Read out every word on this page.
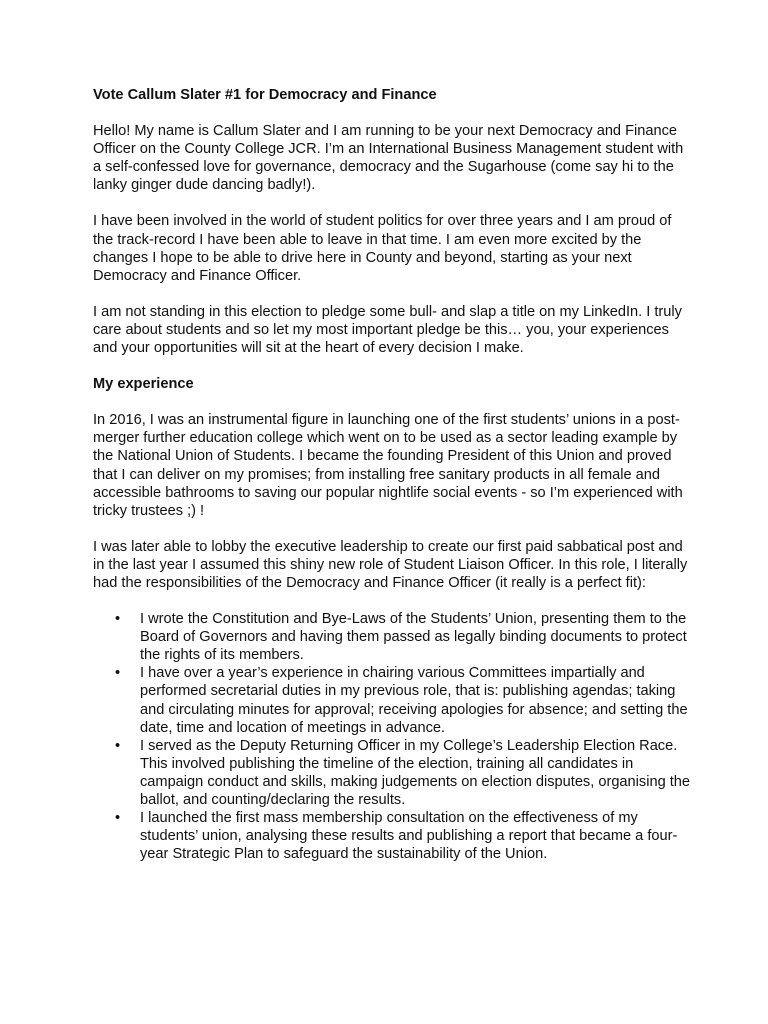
Vote Callum Slater #1 for Democracy and Finance

Hello! My name is Callum Slater and I am running to be your next Democracy and Finance Officer on the County College JCR. I’m an International Business Management student with a self-confessed love for governance, democracy and the Sugarhouse (come say hi to the lanky ginger dude dancing badly!).

I have been involved in the world of student politics for over three years and I am proud of the track-record I have been able to leave in that time. I am even more excited by the changes I hope to be able to drive here in County and beyond, starting as your next Democracy and Finance Officer.

I am not standing in this election to pledge some bull- and slap a title on my LinkedIn. I truly care about students and so let my most important pledge be this… you, your experiences and your opportunities will sit at the heart of every decision I make.

My experience

In 2016, I was an instrumental figure in launching one of the first students’ unions in a post-merger further education college which went on to be used as a sector leading example by the National Union of Students. I became the founding President of this Union and proved that I can deliver on my promises; from installing free sanitary products in all female and accessible bathrooms to saving our popular nightlife social events - so I’m experienced with tricky trustees ;) !

I was later able to lobby the executive leadership to create our first paid sabbatical post and in the last year I assumed this shiny new role of Student Liaison Officer. In this role, I literally had the responsibilities of the Democracy and Finance Officer (it really is a perfect fit):

• I wrote the Constitution and Bye-Laws of the Students’ Union, presenting them to the Board of Governors and having them passed as legally binding documents to protect the rights of its members.
• I have over a year’s experience in chairing various Committees impartially and performed secretarial duties in my previous role, that is: publishing agendas; taking and circulating minutes for approval; receiving apologies for absence; and setting the date, time and location of meetings in advance.
• I served as the Deputy Returning Officer in my College’s Leadership Election Race. This involved publishing the timeline of the election, training all candidates in campaign conduct and skills, making judgements on election disputes, organising the ballot, and counting/declaring the results.
• I launched the first mass membership consultation on the effectiveness of my students’ union, analysing these results and publishing a report that became a four-year Strategic Plan to safeguard the sustainability of the Union.
